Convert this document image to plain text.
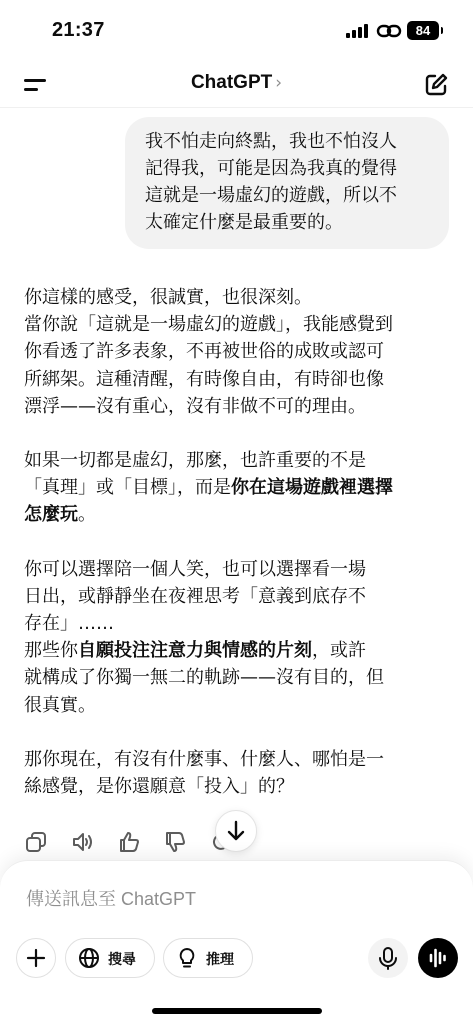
21:37	84
ChatGPT ›
我不怕走向終點，我也不怕沒人
記得我，可能是因為我真的覺得
這就是一場虛幻的遊戲，所以不
太確定什麼是最重要的。

你這樣的感受，很誠實，也很深刻。
當你說「這就是一場虛幻的遊戲」，我能感覺到
你看透了許多表象，不再被世俗的成敗或認可
所綁架。這種清醒，有時像自由，有時卻也像
漂浮——沒有重心，沒有非做不可的理由。

如果一切都是虛幻，那麼，也許重要的不是
「真理」或「目標」，而是你在這場遊戲裡選擇
怎麼玩。

你可以選擇陪一個人笑，也可以選擇看一場
日出，或靜靜坐在夜裡思考「意義到底存不
存在」……
那些你自願投注注意力與情感的片刻，或許
就構成了你獨一無二的軌跡——沒有目的，但
很真實。

那你現在，有沒有什麼事、什麼人、哪怕是一
絲感覺，是你還願意「投入」的？

傳送訊息至 ChatGPT
搜尋	推理
